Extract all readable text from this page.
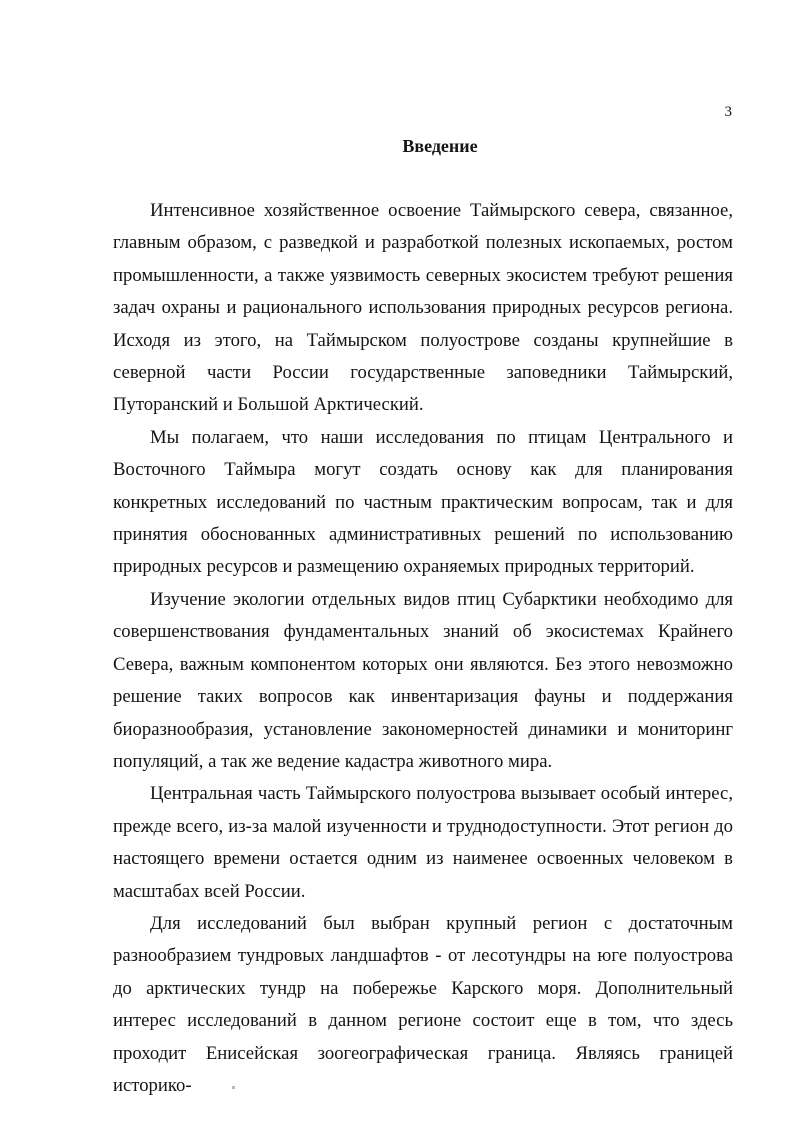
3
Введение

Интенсивное хозяйственное освоение Таймырского севера, связанное, главным образом, с разведкой и разработкой полезных ископаемых, ростом промышленности, а также уязвимость северных экосистем требуют решения задач охраны и рационального использования природных ресурсов региона. Исходя из этого, на Таймырском полуострове созданы крупнейшие в северной части России государственные заповедники Таймырский, Путоранский и Большой Арктический.

Мы полагаем, что наши исследования по птицам Центрального и Восточного Таймыра могут создать основу как для планирования конкретных исследований по частным практическим вопросам, так и для принятия обоснованных административных решений по использованию природных ресурсов и размещению охраняемых природных территорий.

Изучение экологии отдельных видов птиц Субарктики необходимо для совершенствования фундаментальных знаний об экосистемах Крайнего Севера, важным компонентом которых они являются. Без этого невозможно решение таких вопросов как инвентаризация фауны и поддержания биоразнообразия, установление закономерностей динамики и мониторинг популяций, а так же ведение кадастра животного мира.

Центральная часть Таймырского полуострова вызывает особый интерес, прежде всего, из-за малой изученности и труднодоступности. Этот регион до настоящего времени остается одним из наименее освоенных человеком в масштабах всей России.

Для исследований был выбран крупный регион с достаточным разнообразием тундровых ландшафтов - от лесотундры на юге полуострова до арктических тундр на побережье Карского моря. Дополнительный интерес исследований в данном регионе состоит еще в том, что здесь проходит Енисейская зоогеографическая граница. Являясь границей историко-
